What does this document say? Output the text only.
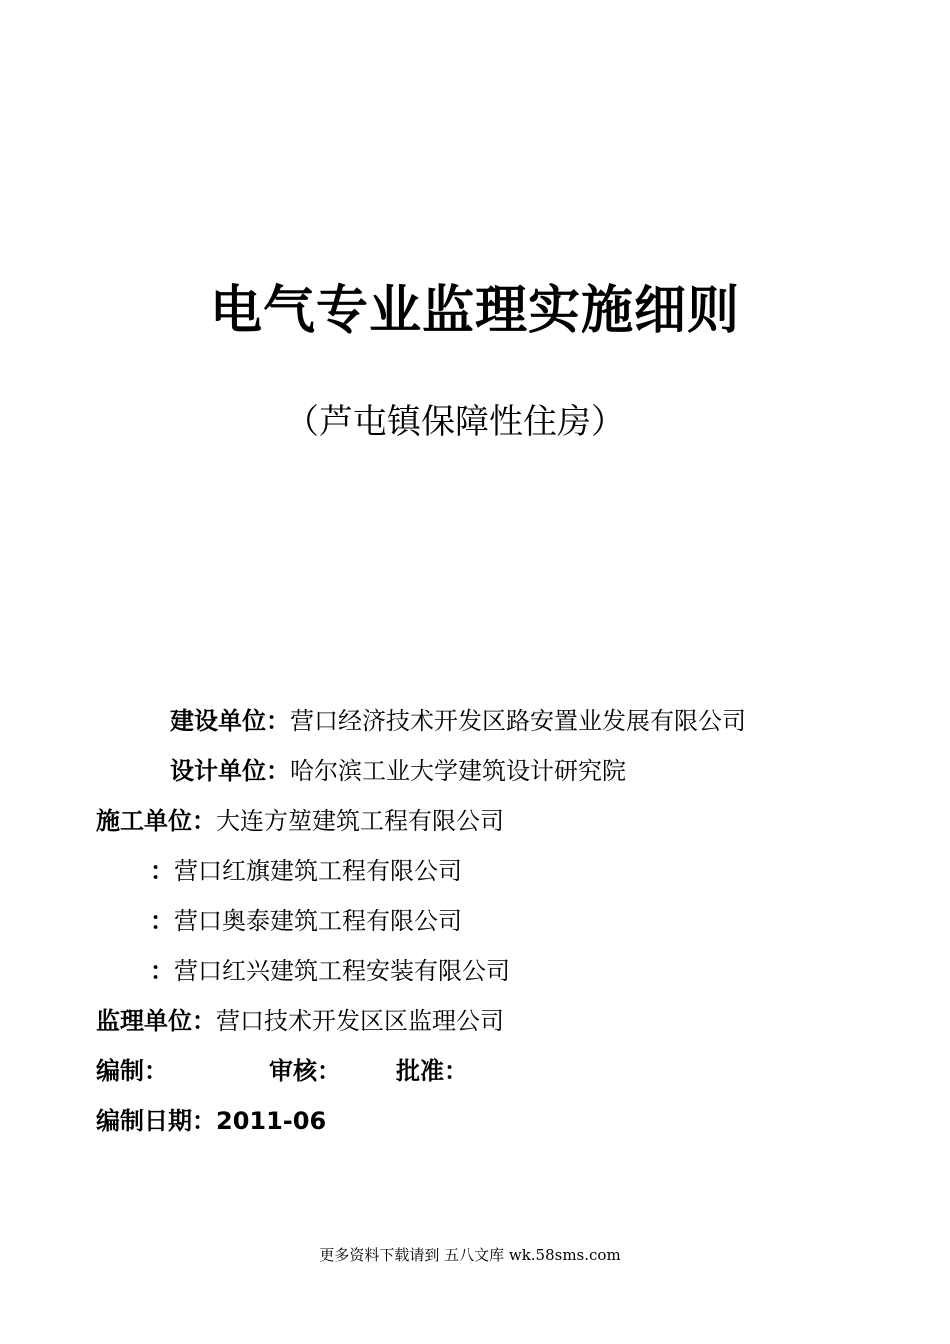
电气专业监理实施细则
（芦屯镇保障性住房）
建设单位：营口经济技术开发区路安置业发展有限公司
设计单位：哈尔滨工业大学建筑设计研究院
施工单位：大连方堃建筑工程有限公司
：营口红旗建筑工程有限公司
：营口奥泰建筑工程有限公司
：营口红兴建筑工程安装有限公司
监理单位：营口技术开发区区监理公司
编制：	审核： 批准：
编制日期：2011-06
更多资料下载请到 五八文库 wk.58sms.com
